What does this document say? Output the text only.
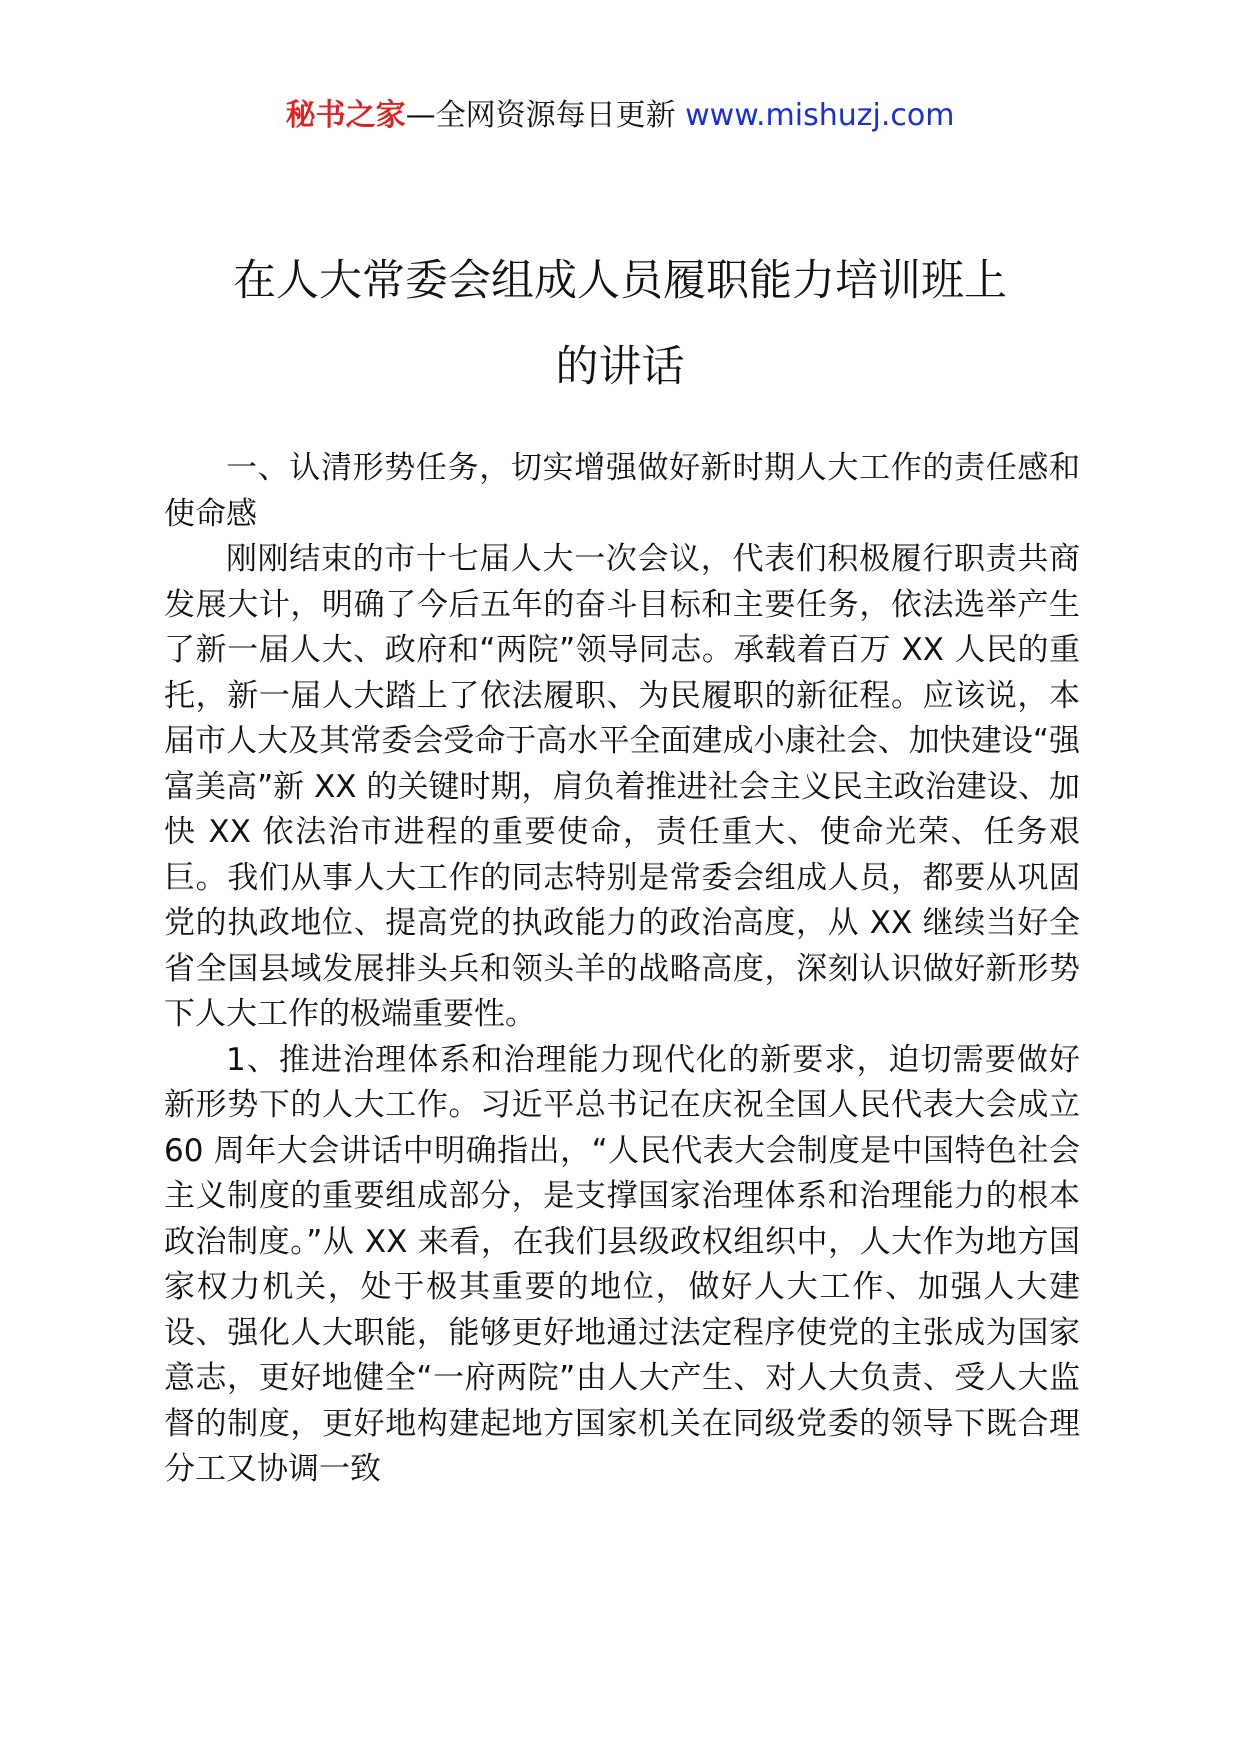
秘书之家—全网资源每日更新 www.mishuzj.com
在人大常委会组成人员履职能力培训班上
的讲话

一、认清形势任务，切实增强做好新时期人大工作的责任感和使命感

刚刚结束的市十七届人大一次会议，代表们积极履行职责共商发展大计，明确了今后五年的奋斗目标和主要任务，依法选举产生了新一届人大、政府和“两院”领导同志。承载着百万 XX 人民的重托，新一届人大踏上了依法履职、为民履职的新征程。应该说，本届市人大及其常委会受命于高水平全面建成小康社会、加快建设“强富美高”新 XX 的关键时期，肩负着推进社会主义民主政治建设、加快 XX 依法治市进程的重要使命，责任重大、使命光荣、任务艰巨。我们从事人大工作的同志特别是常委会组成人员，都要从巩固党的执政地位、提高党的执政能力的政治高度，从 XX 继续当好全省全国县域发展排头兵和领头羊的战略高度，深刻认识做好新形势下人大工作的极端重要性。

1、推进治理体系和治理能力现代化的新要求，迫切需要做好新形势下的人大工作。习近平总书记在庆祝全国人民代表大会成立 60 周年大会讲话中明确指出，“人民代表大会制度是中国特色社会主义制度的重要组成部分，是支撑国家治理体系和治理能力的根本政治制度。”从 XX 来看，在我们县级政权组织中，人大作为地方国家权力机关，处于极其重要的地位，做好人大工作、加强人大建设、强化人大职能，能够更好地通过法定程序使党的主张成为国家意志，更好地健全“一府两院”由人大产生、对人大负责、受人大监督的制度，更好地构建起地方国家机关在同级党委的领导下既合理分工又协调一致
